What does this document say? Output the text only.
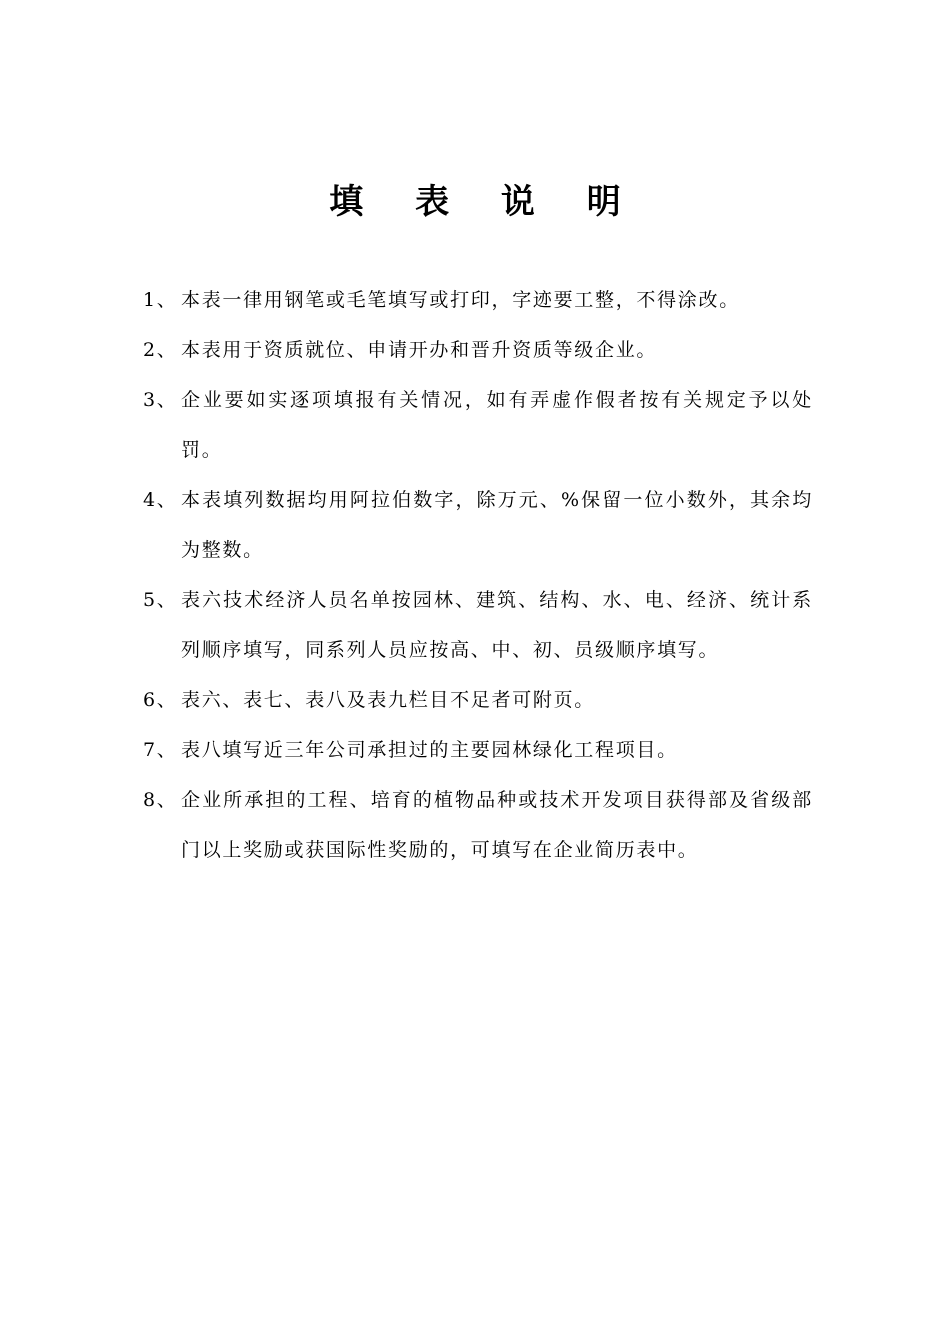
填 表 说 明
1、 本表一律用钢笔或毛笔填写或打印，字迹要工整，不得涂改。
2、 本表用于资质就位、申请开办和晋升资质等级企业。
3、 企业要如实逐项填报有关情况，如有弄虚作假者按有关规定予以处罚。
4、 本表填列数据均用阿拉伯数字，除万元、%保留一位小数外，其余均为整数。
5、 表六技术经济人员名单按园林、建筑、结构、水、电、经济、统计系列顺序填写，同系列人员应按高、中、初、员级顺序填写。
6、 表六、表七、表八及表九栏目不足者可附页。
7、 表八填写近三年公司承担过的主要园林绿化工程项目。
8、 企业所承担的工程、培育的植物品种或技术开发项目获得部及省级部门以上奖励或获国际性奖励的，可填写在企业简历表中。
